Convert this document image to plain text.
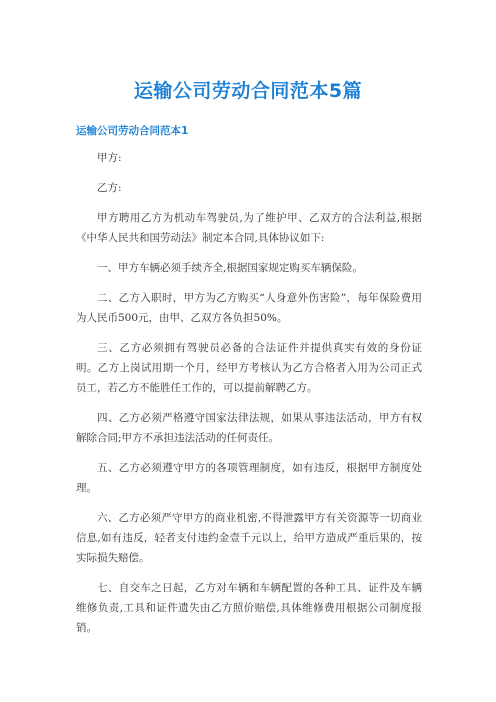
运输公司劳动合同范本5篇
运输公司劳动合同范本1

甲方:

乙方:

甲方聘用乙方为机动车驾驶员,为了维护甲、乙双方的合法利益,根据《中华人民共和国劳动法》制定本合同,具体协议如下:

一、甲方车辆必须手续齐全,根据国家规定购买车辆保险。

二、乙方入职时，甲方为乙方购买“人身意外伤害险”，每年保险费用为人民币500元，由甲、乙双方各负担50%。

三、乙方必须拥有驾驶员必备的合法证件并提供真实有效的身份证明。乙方上岗试用期一个月，经甲方考核认为乙方合格者入用为公司正式员工，若乙方不能胜任工作的，可以提前解聘乙方。

四、乙方必须严格遵守国家法律法规，如果从事违法活动，甲方有权解除合同;甲方不承担违法活动的任何责任。

五、乙方必须遵守甲方的各项管理制度，如有违反，根据甲方制度处理。

六、乙方必须严守甲方的商业机密,不得泄露甲方有关资源等一切商业信息,如有违反，轻者支付违约金壹千元以上，给甲方造成严重后果的，按实际损失赔偿。

七、自交车之日起，乙方对车辆和车辆配置的各种工具、证件及车辆维修负责,工具和证件遗失由乙方照价赔偿,具体维修费用根据公司制度报销。
